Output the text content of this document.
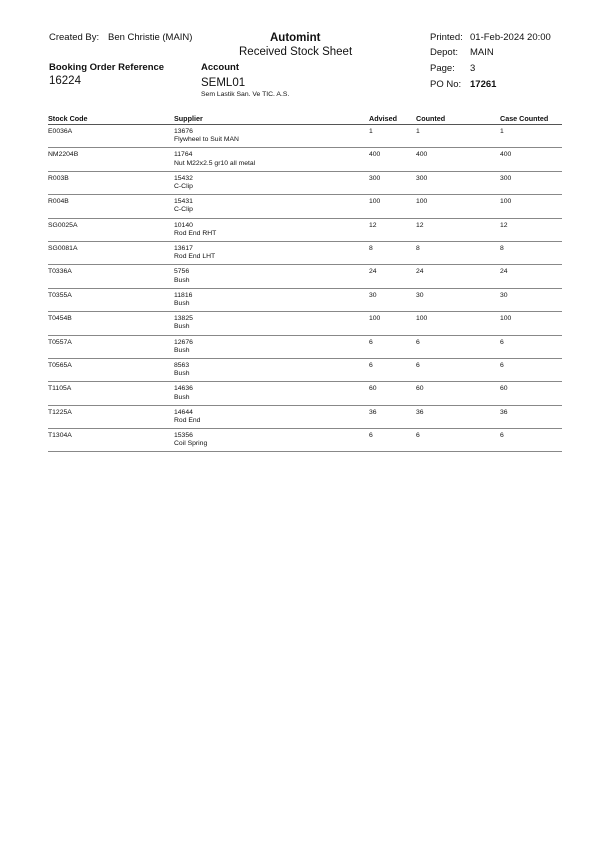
Created By: Ben Christie (MAIN)	Automint
Received Stock Sheet
Printed: 01-Feb-2024 20:00
Depot: MAIN
Page: 3
Booking Order Reference
16224
Account
SEML01
Sem Lastik San. Ve TIC. A.S.
PO No: 17261
Stock Code	Supplier	Advised	Counted	Case Counted
E0036A	13676
Flywheel to Suit MAN	1	1	1
NM2204B	11764
Nut M22x2.5 gr10 all metal	400	400	400
R003B	15432
C-Clip	300	300	300
R004B	15431
C-Clip	100	100	100
SG0025A	10140
Rod End RHT	12	12	12
SG0081A	13617
Rod End LHT	8	8	8
T0336A	5756
Bush	24	24	24
T0355A	11816
Bush	30	30	30
T0454B	13825
Bush	100	100	100
T0557A	12676
Bush	6	6	6
T0565A	8563
Bush	6	6	6
T1105A	14636
Bush	60	60	60
T1225A	14644
Rod End	36	36	36
T1304A	15356
Coil Spring	6	6	6
